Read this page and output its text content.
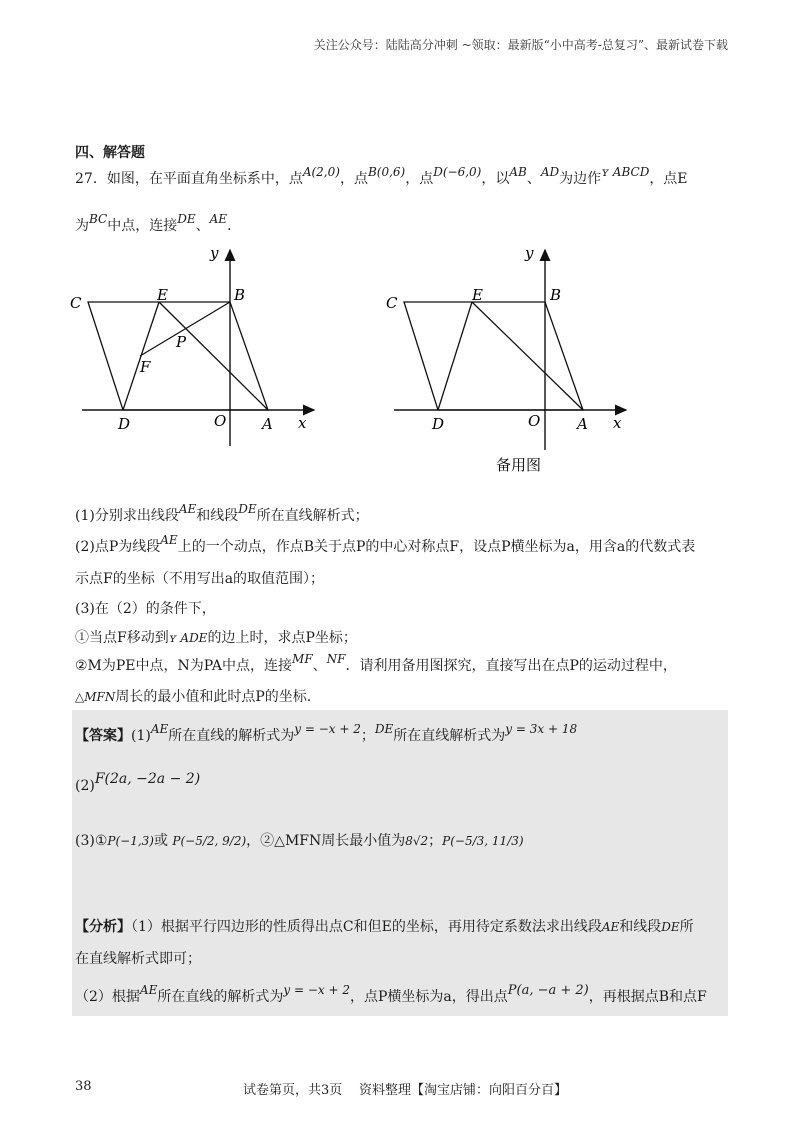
关注公众号：陆陆高分冲刺 ~领取：最新版“小中高考-总复习”、最新试卷下载
四、解答题
27．如图，在平面直角坐标系中，点A(2,0)，点B(0,6)，点D(−6,0)，以AB、AD为边作ʏ ABCD，点E
为BC中点，连接DE、AE．
y
x
C	E	B
P
F
D	O A
y
x
C	E	B
D	O A
备用图
(1)分别求出线段AE和线段DE所在直线解析式；
(2)点P为线段AE上的一个动点，作点B关于点P的中心对称点F，设点P横坐标为a，用含a的代数式表
示点F的坐标（不用写出a的取值范围）；
(3)在（2）的条件下，
①当点F移动到ʏ ADE的边上时，求点P坐标；
②M为PE中点，N为PA中点，连接MF、NF．请利用备用图探究，直接写出在点P的运动过程中，
△MFN周长的最小值和此时点P的坐标.
【答案】(1)AE所在直线的解析式为y = −x + 2；DE所在直线解析式为y = 3x + 18
(2)F(2a, −2a − 2)
(3)①P(−1,3)或 P(−5/2, 9/2)，②△MFN周长最小值为8√2；P(−5/3, 11/3)
【分析】（1）根据平行四边形的性质得出点C和但E的坐标，再用待定系数法求出线段AE和线段DE所
在直线解析式即可；
（2）根据AE所在直线的解析式为y = −x + 2，点P横坐标为a，得出点P(a, −a + 2)，再根据点B和点F
38	试卷第页，共3页 资料整理【淘宝店铺：向阳百分百】
